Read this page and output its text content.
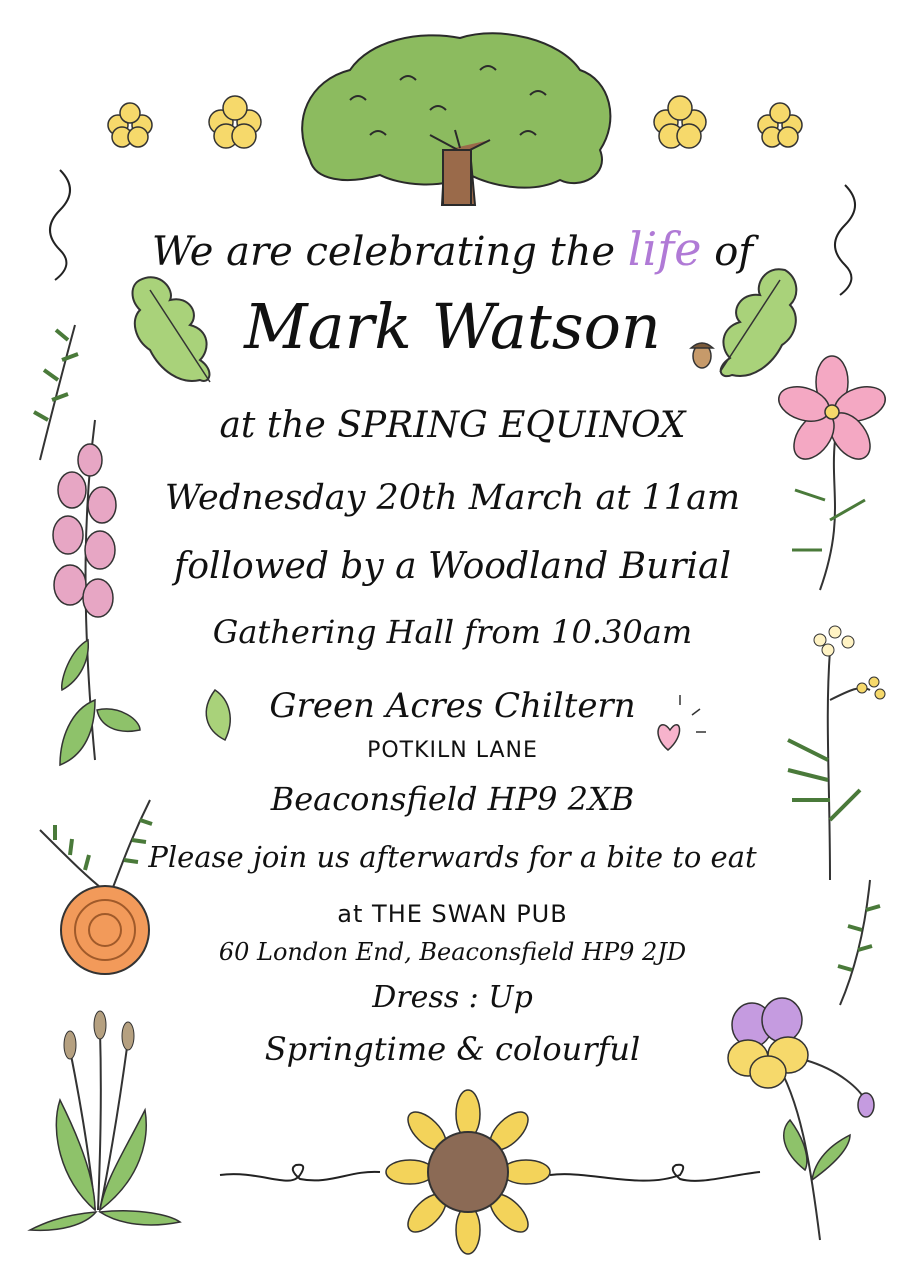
We are celebrating the life of
Mark Watson
at the SPRING EQUINOX
Wednesday 20th March at 11am
followed by a Woodland Burial
Gathering Hall from 10.30am
Green Acres Chiltern
POTKILN LANE
Beaconsfield HP9 2XB
Please join us afterwards for a bite to eat
at THE SWAN PUB
60 London End, Beaconsfield HP9 2JD
Dress : Up
Springtime & colourful
